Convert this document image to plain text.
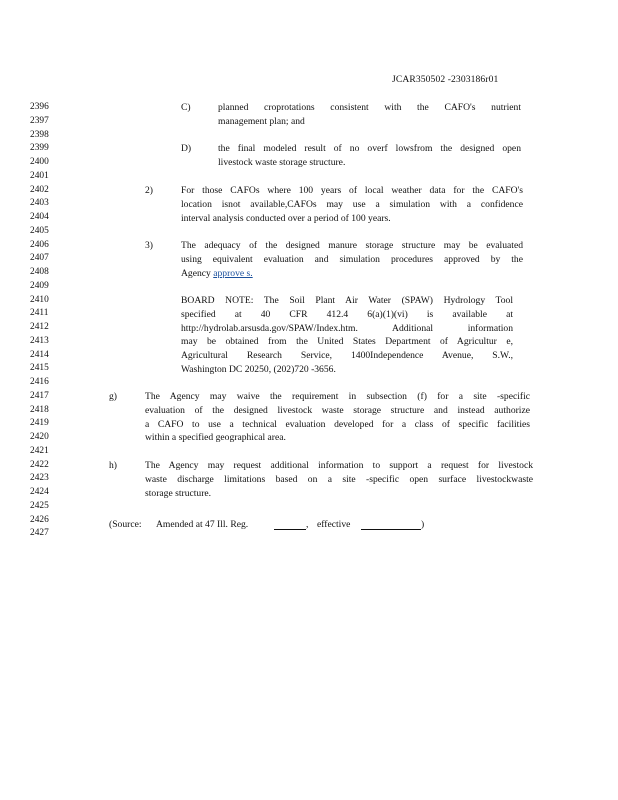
JCAR350502 -2303186r01
2396
2397
2398
2399
2400
2401
2402
2403
2404
2405
2406
2407
2408
2409
2410
2411
2412
2413
2414
2415
2416
2417
2418
2419
2420
2421
2422
2423
2424
2425
2426
2427
C)	planned croprotations consistent with the CAFO's nutrient
management plan; and
D)	the final modeled result of no overf lowsfrom the designed open
livestock waste storage structure.
2)	For those CAFOs where 100 years of local weather data for the CAFO's
location isnot available,CAFOs may use a simulation with a confidence
interval analysis conducted over a period of 100 years.
3)	The adequacy of the designed manure storage structure may be evaluated
using equivalent evaluation and simulation procedures approved by the
Agency approve s.
BOARD NOTE: The Soil Plant Air Water (SPAW) Hydrology Tool
specified at 40 CFR 412.4 6(a)(1)(vi) is available at
http://hydrolab.arsusda.gov/SPAW/Index.htm. Additional information
may be obtained from the United States Department of Agricultur e,
Agricultural Research Service, 1400Independence Avenue, S.W.,
Washington DC 20250, (202)720 -3656.
g)	The Agency may waive the requirement in subsection (f) for a site -specific
evaluation of the designed livestock waste storage structure and instead authorize
a CAFO to use a technical evaluation developed for a class of specific facilities
within a specified geographical area.
h)	The Agency may request additional information to support a request for livestock
waste discharge limitations based on a site -specific open surface livestockwaste
storage structure.
(Source: Amended at 47 Ill. Reg.	, effective	)
